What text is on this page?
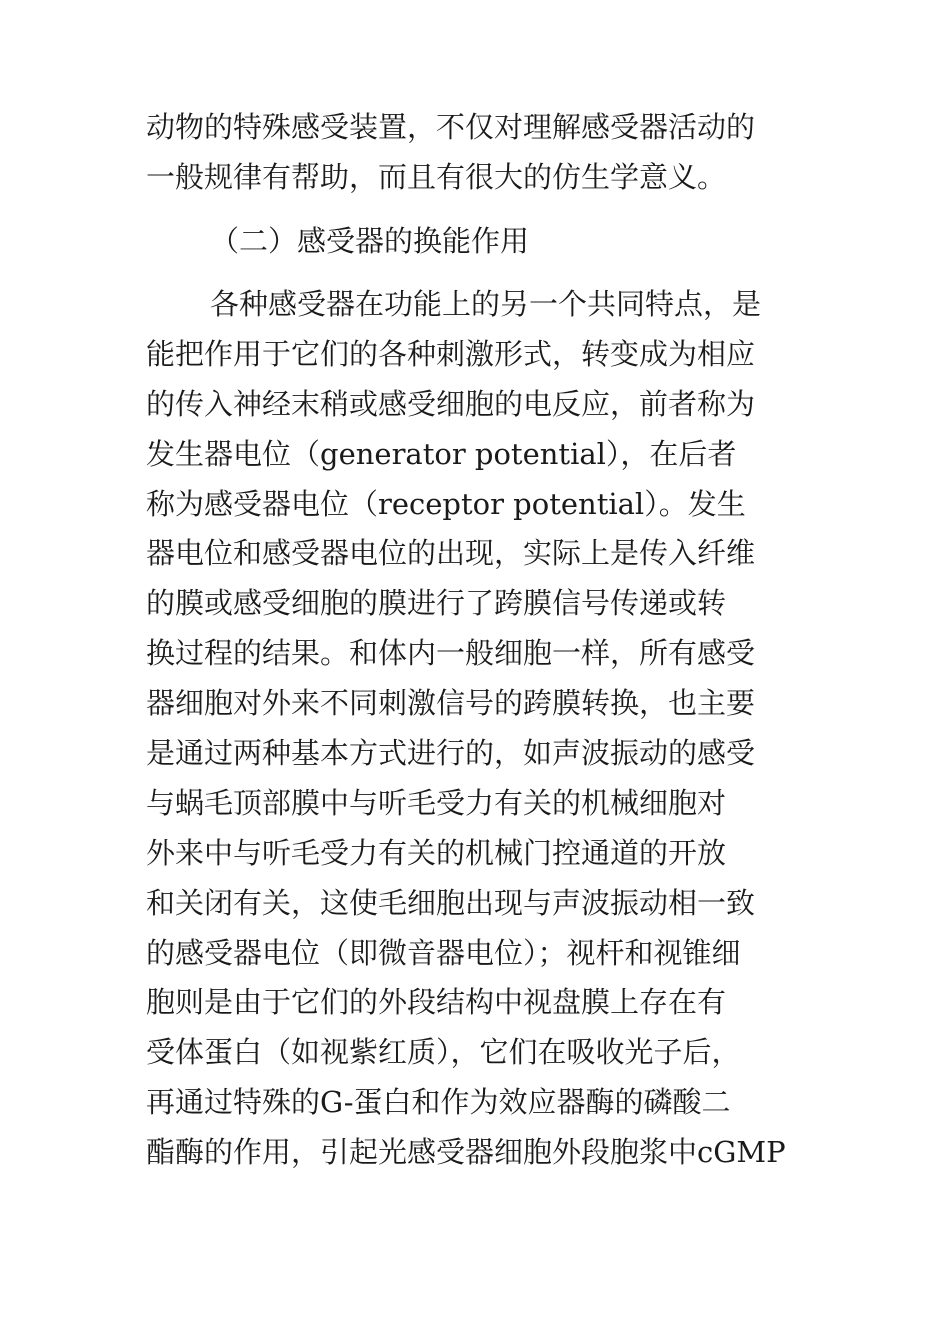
动物的特殊感受装置，不仅对理解感受器活动的
一般规律有帮助，而且有很大的仿生学意义。
（二）感受器的换能作用
各种感受器在功能上的另一个共同特点，是
能把作用于它们的各种刺激形式，转变成为相应
的传入神经末稍或感受细胞的电反应，前者称为
发生器电位（generator potential），在后者
称为感受器电位（receptor potential）。发生
器电位和感受器电位的出现，实际上是传入纤维
的膜或感受细胞的膜进行了跨膜信号传递或转
换过程的结果。和体内一般细胞一样，所有感受
器细胞对外来不同刺激信号的跨膜转换，也主要
是通过两种基本方式进行的，如声波振动的感受
与蜗毛顶部膜中与听毛受力有关的机械细胞对
外来中与听毛受力有关的机械门控通道的开放
和关闭有关，这使毛细胞出现与声波振动相一致
的感受器电位（即微音器电位）；视杆和视锥细
胞则是由于它们的外段结构中视盘膜上存在有
受体蛋白（如视紫红质），它们在吸收光子后，
再通过特殊的G-蛋白和作为效应器酶的磷酸二
酯酶的作用，引起光感受器细胞外段胞浆中cGMP
